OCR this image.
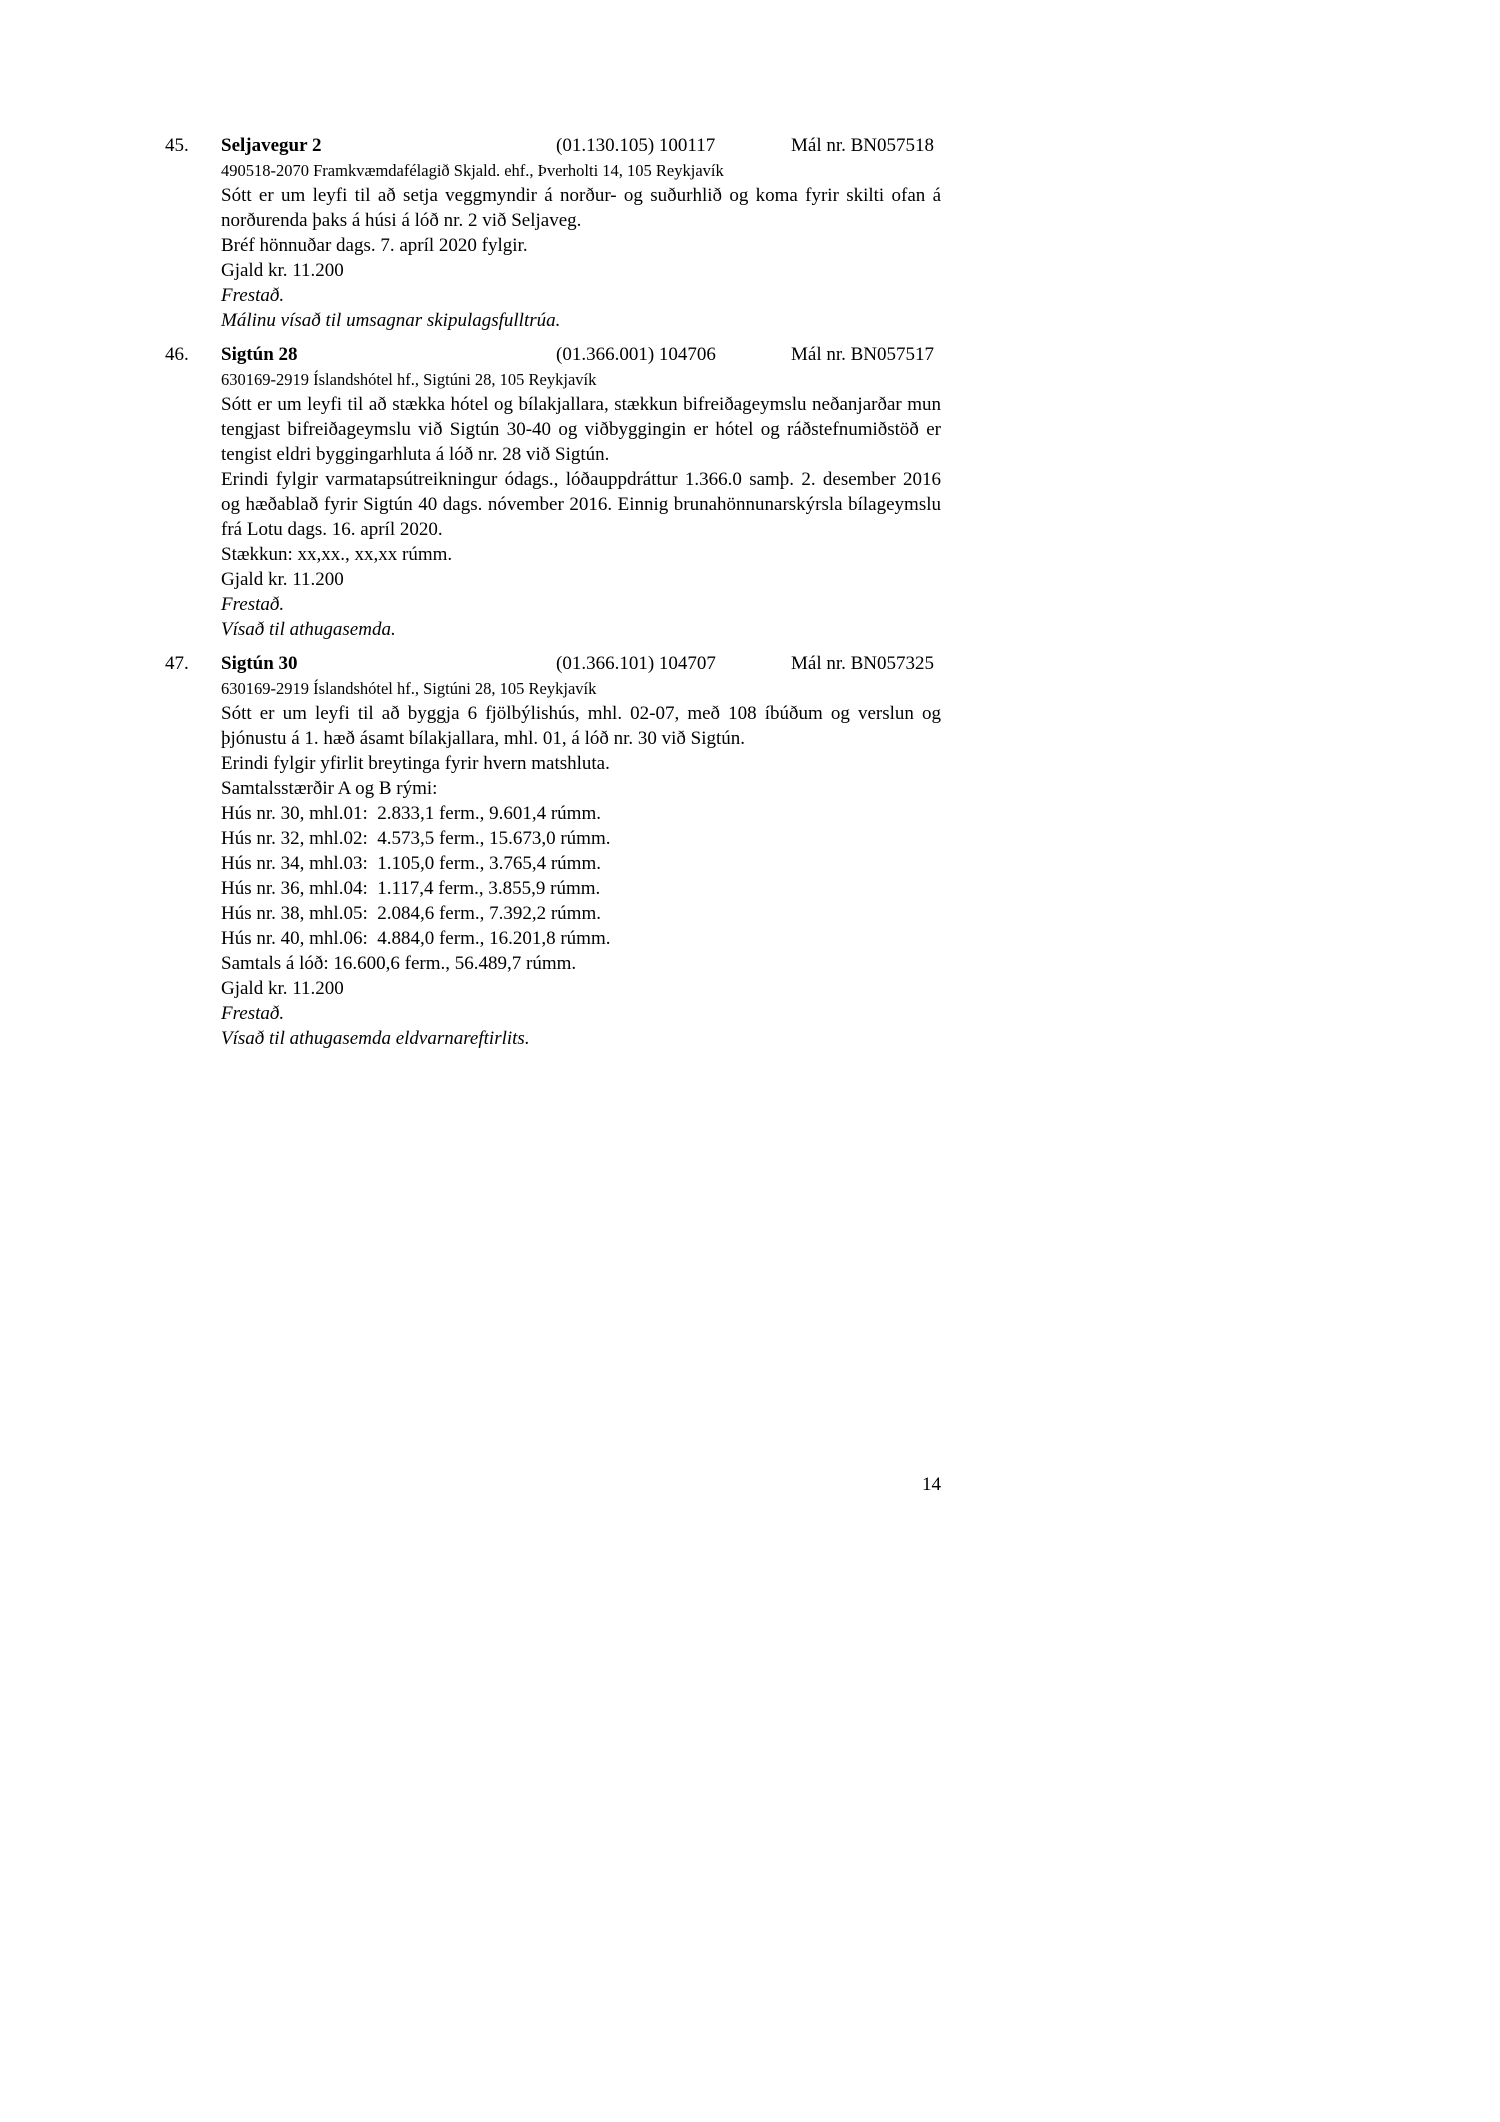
45. Seljavegur 2	(01.130.105) 100117	Mál nr. BN057518

490518-2070 Framkvæmdafélagið Skjald. ehf., Þverholti 14, 105 Reykjavík

Sótt er um leyfi til að setja veggmyndir á norður- og suðurhlið og koma fyrir skilti ofan á norðurenda þaks á húsi á lóð nr. 2 við Seljaveg.

Bréf hönnuðar dags. 7. apríl 2020 fylgir.

Gjald kr. 11.200

Frestað.

Málinu vísað til umsagnar skipulagsfulltrúa.

46. Sigtún 28	(01.366.001) 104706	Mál nr. BN057517

630169-2919 Íslandshótel hf., Sigtúni 28, 105 Reykjavík

Sótt er um leyfi til að stækka hótel og bílakjallara, stækkun bifreiðageymslu neðanjarðar mun tengjast bifreiðageymslu við Sigtún 30-40 og viðbyggingin er hótel og ráðstefnumiðstöð er tengist eldri byggingarhluta á lóð nr. 28 við Sigtún.

Erindi fylgir varmatapsútreikningur ódags., lóðauppdráttur 1.366.0 samþ. 2. desember 2016 og hæðablað fyrir Sigtún 40 dags. nóvember 2016. Einnig brunahönnunarskýrsla bílageymslu frá Lotu dags. 16. apríl 2020.

Stækkun: xx,xx., xx,xx rúmm.

Gjald kr. 11.200

Frestað.

Vísað til athugasemda.

47. Sigtún 30	(01.366.101) 104707	Mál nr. BN057325

630169-2919 Íslandshótel hf., Sigtúni 28, 105 Reykjavík

Sótt er um leyfi til að byggja 6 fjölbýlishús, mhl. 02-07, með 108 íbúðum og verslun og þjónustu á 1. hæð ásamt bílakjallara, mhl. 01, á lóð nr. 30 við Sigtún.

Erindi fylgir yfirlit breytinga fyrir hvern matshluta.

Samtalsstærðir A og B rými:

Hús nr. 30, mhl.01:  2.833,1 ferm., 9.601,4 rúmm.

Hús nr. 32, mhl.02:  4.573,5 ferm., 15.673,0 rúmm.

Hús nr. 34, mhl.03:  1.105,0 ferm., 3.765,4 rúmm.

Hús nr. 36, mhl.04:  1.117,4 ferm., 3.855,9 rúmm.

Hús nr. 38, mhl.05:  2.084,6 ferm., 7.392,2 rúmm.

Hús nr. 40, mhl.06:  4.884,0 ferm., 16.201,8 rúmm.

Samtals á lóð: 16.600,6 ferm., 56.489,7 rúmm.

Gjald kr. 11.200

Frestað.

Vísað til athugasemda eldvarnareftirlits.

14
